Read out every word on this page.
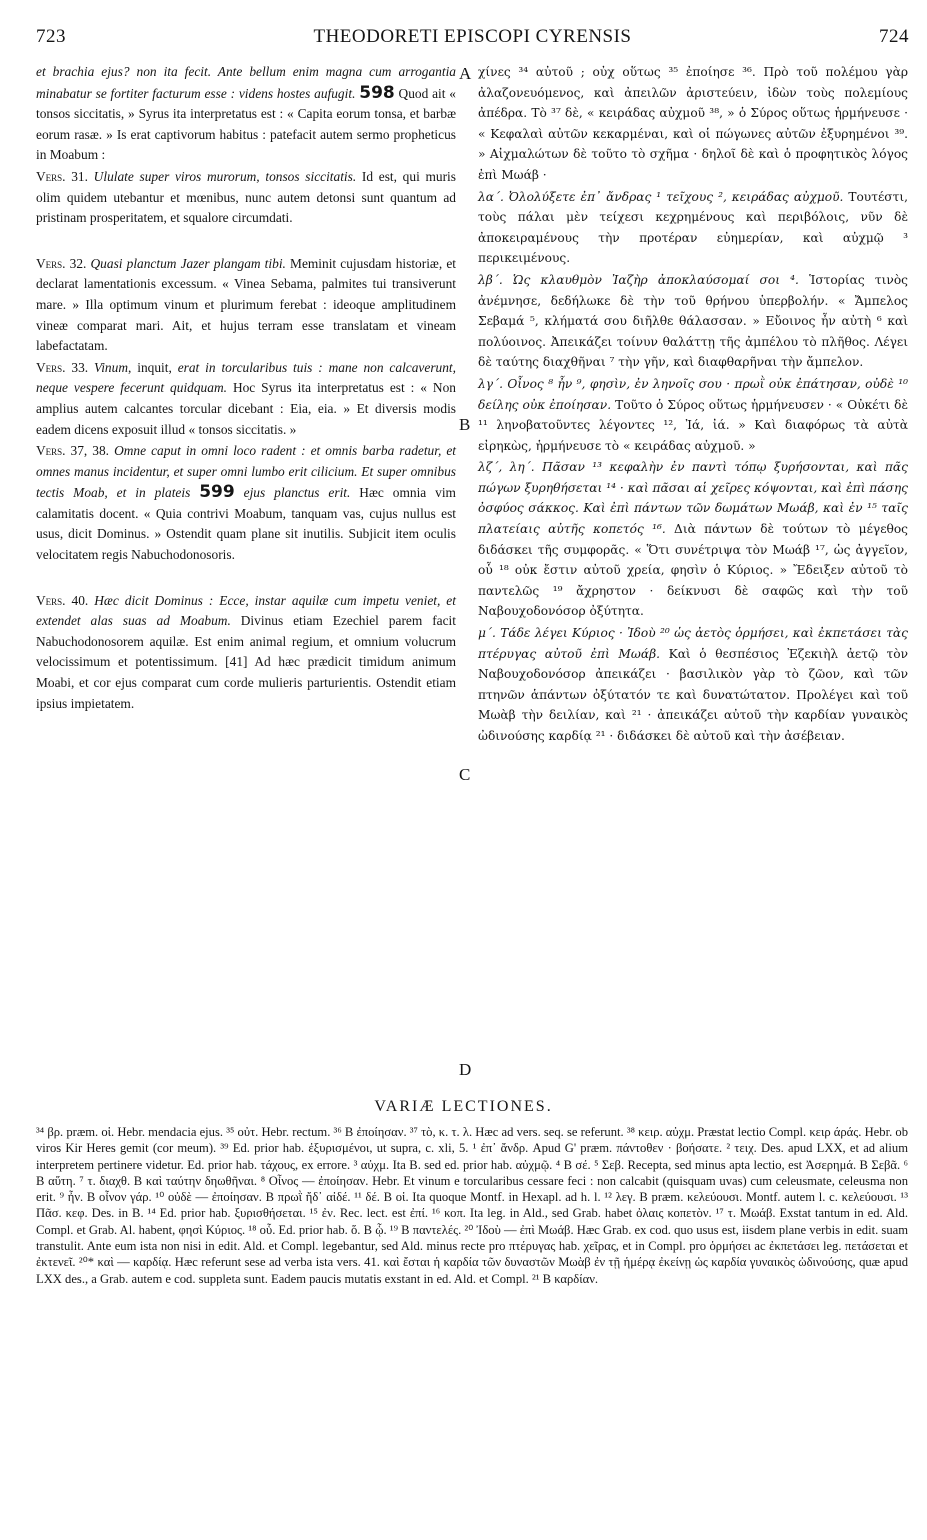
723	THEODORETI EPISCOPI CYRENSIS	724

et brachia ejus? non ita fecit. Ante bellum enim magna cum arrogantia minabatur se fortiter facturum esse : videns hostes aufugit. 598 Quod ait « tonsos siccitatis, » Syrus ita interpretatus est : « Capita eorum tonsa, et barbæ eorum rasæ. » Is erat captivorum habitus : patefacit autem sermo propheticus in Moabum :

Vers. 31. Ululate super viros murorum, tonsos siccitatis. Id est, qui muris olim quidem utebantur et mœnibus, nunc autem detonsi sunt quantum ad pristinam prosperitatem, et squalore circumdati.

Vers. 32. Quasi planctum Jazer plangam tibi. Meminit cujusdam historiæ, et declarat lamentationis excessum. « Vinea Sebama, palmites tui transiverunt mare. » Illa optimum vinum et plurimum ferebat : ideoque amplitudinem vineæ comparat mari. Ait, et hujus terram esse translatam et vineam labefactatam.

Vers. 33. Vinum, inquit, erat in torcularibus tuis : mane non calcaverunt, neque vespere fecerunt quidquam. Hoc Syrus ita interpretatus est : « Non amplius autem calcantes torcular dicebant : Eia, eia. » Et diversis modis eadem dicens exposuit illud « tonsos siccitatis. »

Vers. 37, 38. Omne caput in omni loco radent : et omnis barba radetur, et omnes manus incidentur, et super omni lumbo erit cilicium. Et super omnibus tectis Moab, et in plateis 599 ejus planctus erit. Hæc omnia vim calamitatis docent. « Quia contrivi Moabum, tanquam vas, cujus nullus est usus, dicit Dominus. » Ostendit quam plane sit inutilis. Subjicit item oculis velocitatem regis Nabuchodonosoris.

Vers. 40. Hæc dicit Dominus : Ecce, instar aquilæ cum impetu veniet, et extendet alas suas ad Moabum. Divinus etiam Ezechiel parem facit Nabuchodonosorem aquilæ. Est enim animal regium, et omnium volucrum velocissimum et potentissimum. [41] Ad hæc prædicit timidum animum Moabi, et cor ejus comparat cum corde mulieris parturientis. Ostendit etiam ipsius impietatem.

A
B
C
D

χίνες ³⁴ αὐτοῦ ; οὐχ οὕτως ³⁵ ἐποίησε ³⁶. Πρὸ τοῦ πολέμου γὰρ ἀλαζονευόμενος, καὶ ἀπειλῶν ἀριστεύειν, ἰδὼν τοὺς πολεμίους ἀπέδρα. Τὸ ³⁷ δὲ, « κειράδας αὐχμοῦ ³⁸, » ὁ Σύρος οὕτως ἡρμήνευσε · « Κεφαλαὶ αὐτῶν κεκαρμέναι, καὶ οἱ πώγωνες αὐτῶν ἐξυρημένοι ³⁹. » Αἰχμαλώτων δὲ τοῦτο τὸ σχῆμα · δηλοῖ δὲ καὶ ὁ προφητικὸς λόγος ἐπὶ Μωάβ ·

λα΄. Ὀλολύξετε ἐπ᾽ ἄνδρας ¹ τεῖχους ², κειράδας αὐχμοῦ. Τουτέστι, τοὺς πάλαι μὲν τείχεσι κεχρημένους καὶ περιβόλοις, νῦν δὲ ἀποκειραμένους τὴν προτέραν εὐημερίαν, καὶ αὐχμῷ ³ περικειμένους.

λβ΄. Ὡς κλαυθμὸν Ἰαζὴρ ἀποκλαύσομαί σοι ⁴. Ἱστορίας τινὸς ἀνέμνησε, δεδήλωκε δὲ τὴν τοῦ θρήνου ὑπερβολήν. « Ἄμπελος Σεβαμά ⁵, κλήματά σου διῆλθε θάλασσαν. » Εὔοινος ἦν αὐτὴ ⁶ καὶ πολύοινος. Ἀπεικάζει τοίνυν θαλάττῃ τῆς ἀμπέλου τὸ πλῆθος. Λέγει δὲ ταύτης διαχθῆναι ⁷ τὴν γῆν, καὶ διαφθαρῆναι τὴν ἄμπελον.

λγ΄. Οἶνος ⁸ ἦν ⁹, φησὶν, ἐν ληνοῖς σου · πρωῒ οὐκ ἐπάτησαν, οὐδὲ ¹⁰ δείλης οὐκ ἐποίησαν. Τοῦτο ὁ Σύρος οὕτως ἡρμήνευσεν · « Οὐκέτι δὲ ¹¹ ληνοβατοῦντες λέγοντες ¹², Ἰά, ἰά. » Καὶ διαφόρως τὰ αὐτὰ εἰρηκὼς, ἡρμήνευσε τὸ « κειράδας αὐχμοῦ. »

λζ΄, λη΄. Πᾶσαν ¹³ κεφαλὴν ἐν παντὶ τόπῳ ξυρήσονται, καὶ πᾶς πώγων ξυρηθήσεται ¹⁴ · καὶ πᾶσαι αἱ χεῖρες κόψονται, καὶ ἐπὶ πάσης ὀσφύος σάκκος. Καὶ ἐπὶ πάντων τῶν δωμάτων Μωάβ, καὶ ἐν ¹⁵ ταῖς πλατείαις αὐτῆς κοπετός ¹⁶. Διὰ πάντων δὲ τούτων τὸ μέγεθος διδάσκει τῆς συμφορᾶς. « Ὅτι συνέτριψα τὸν Μωάβ ¹⁷, ὡς ἀγγεῖον, οὗ ¹⁸ οὐκ ἔστιν αὐτοῦ χρεία, φησὶν ὁ Κύριος. » Ἔδειξεν αὐτοῦ τὸ παντελῶς ¹⁹ ἄχρηστον · δείκνυσι δὲ σαφῶς καὶ τὴν τοῦ Ναβουχοδονόσορ ὀξύτητα.

μ΄. Τάδε λέγει Κύριος · Ἰδοὺ ²⁰ ὡς ἀετὸς ὁρμήσει, καὶ ἐκπετάσει τὰς πτέρυγας αὐτοῦ ἐπὶ Μωάβ. Καὶ ὁ θεσπέσιος Ἐζεκιὴλ ἀετῷ τὸν Ναβουχοδονόσορ ἀπεικάζει · βασιλικὸν γὰρ τὸ ζῶον, καὶ τῶν πτηνῶν ἁπάντων ὀξύτατόν τε καὶ δυνατώτατον. Προλέγει καὶ τοῦ Μωὰβ τὴν δειλίαν, καὶ ²¹ · ἀπεικάζει αὐτοῦ τὴν καρδίαν γυναικὸς ὠδινούσης καρδίᾳ ²¹ · διδάσκει δὲ αὐτοῦ καὶ τὴν ἀσέβειαν.

VARIÆ LECTIONES.

³⁴ βρ. præm. οἱ. Hebr. mendacia ejus. ³⁵ οὐτ. Hebr. rectum. ³⁶ B ἐποίησαν. ³⁷ τὸ, κ. τ. λ. Hæc ad vers. seq. se referunt. ³⁸ κειρ. αὐχμ. Præstat lectio Compl. κειρ άράς. Hebr. ob viros Kir Heres gemit (cor meum). ³⁹ Ed. prior hab. ἐξυρισμένοι, ut supra, c. xli, 5. ¹ ἐπ᾽ ἄνδρ. Apud G' præm. πάντοθεν · βοήσατε. ² τειχ. Des. apud LXX, et ad alium interpretem pertinere videtur. Ed. prior hab. τάχους, ex errore. ³ αὐχμ. Ita B. sed ed. prior hab. αὐχμῷ. ⁴ B σέ. ⁵ Σεβ. Recepta, sed minus apta lectio, est Ἀσερημά. B Σεβᾶ. ⁶ B αὕτη. ⁷ τ. διαχθ. B καὶ ταύτην δηωθῆναι. ⁸ Οἶνος — ἐποίησαν. Hebr. Et vinum e torcularibus cessare feci : non calcabit (quisquam uvas) cum celeusmate, celeusma non erit. ⁹ ἦν. B οἶνον γάρ. ¹⁰ οὐδὲ — ἐποίησαν. B πρωῒ ἤδ᾽ αἰδέ. ¹¹ δέ. B οἱ. Ita quoque Montf. in Hexapl. ad h. l. ¹² λεγ. B præm. κελεύουσι. Montf. autem l. c. κελεύουσι. ¹³ Πᾶσ. κεφ. Des. in B. ¹⁴ Ed. prior hab. ξυρισθήσεται. ¹⁵ ἐν. Rec. lect. est ἐπί. ¹⁶ κοπ. Ita leg. in Ald., sed Grab. habet ὀλαις κοπετὸν. ¹⁷ τ. Μωάβ. Exstat tantum in ed. Ald. Compl. et Grab. Al. habent, φησὶ Κύριος. ¹⁸ οὗ. Ed. prior hab. ὅ. B ᾧ. ¹⁹ B παντελές. ²⁰ Ἰδοὺ — ἐπὶ Μωάβ. Hæc Grab. ex cod. quo usus est, iisdem plane verbis in edit. suam transtulit. Ante eum ista non nisi in edit. Ald. et Compl. legebantur, sed Ald. minus recte pro πτέρυγας hab. χεῖρας, et in Compl. pro ὁρμήσει ac ἐκπετάσει leg. πετάσεται et ἐκτενεῖ. ²⁰* καὶ — καρδίᾳ. Hæc referunt sese ad verba ista vers. 41. καὶ ἔσται ἡ καρδία τῶν δυναστῶν Μωὰβ ἐν τῇ ἡμέρᾳ ἐκείνῃ ὡς καρδία γυναικὸς ὠδινούσης, quæ apud LXX des., a Grab. autem e cod. suppleta sunt. Eadem paucis mutatis exstant in ed. Ald. et Compl. ²¹ B καρδίαν.
